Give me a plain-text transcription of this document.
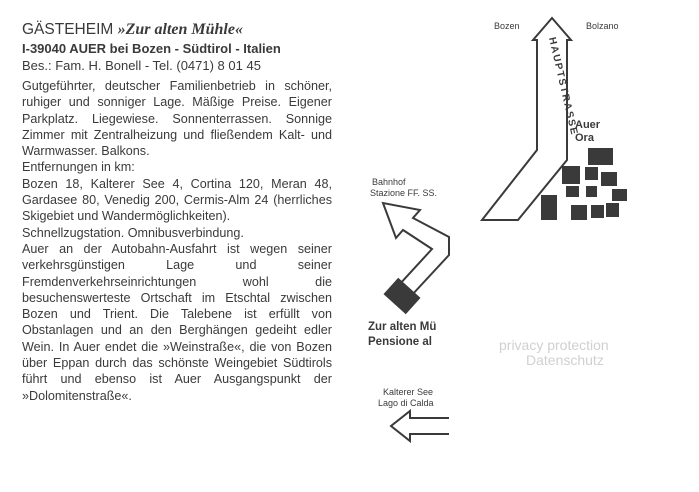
GÄSTEHEIM »Zur alten Mühle«
I-39040 AUER bei Bozen - Südtirol - Italien
Bes.: Fam. H. Bonell - Tel. (0471) 8 01 45

Gutgeführter, deutscher Familienbetrieb in schöner, ruhiger und sonniger Lage. Mäßige Preise. Eigener Parkplatz. Liegewiese. Sonnenterrassen. Sonnige Zimmer mit Zentralheizung und fließendem Kalt- und Warmwasser. Balkons.

Entfernungen in km:

Bozen 18, Kalterer See 4, Cortina 120, Meran 48, Gardasee 80, Venedig 200, Cermis-Alm 24 (herrliches Skigebiet und Wandermöglichkeiten).

Schnellzugstation. Omnibusverbindung.

Auer an der Autobahn-Ausfahrt ist wegen seiner verkehrsgünstigen Lage und seiner Fremdenverkehrseinrichtungen wohl die besuchenswerteste Ortschaft im Etschtal zwischen Bozen und Trient. Die Talebene ist erfüllt von Obstanlagen und an den Berghängen gedeiht edler Wein. In Auer endet die »Weinstraße«, die von Bozen über Eppan durch das schönste Weingebiet Südtirols führt und ebenso ist Auer Ausgangspunkt der »Dolomitenstraße«.

HAUPTSTRASSE
Bozen	Bolzano
Auer
Ora
Bahnhof
Stazione FF. SS.
Zur alten Mü
Pensione al
Kalterer See
Lago di Calda
privacy protection
Datenschutz
